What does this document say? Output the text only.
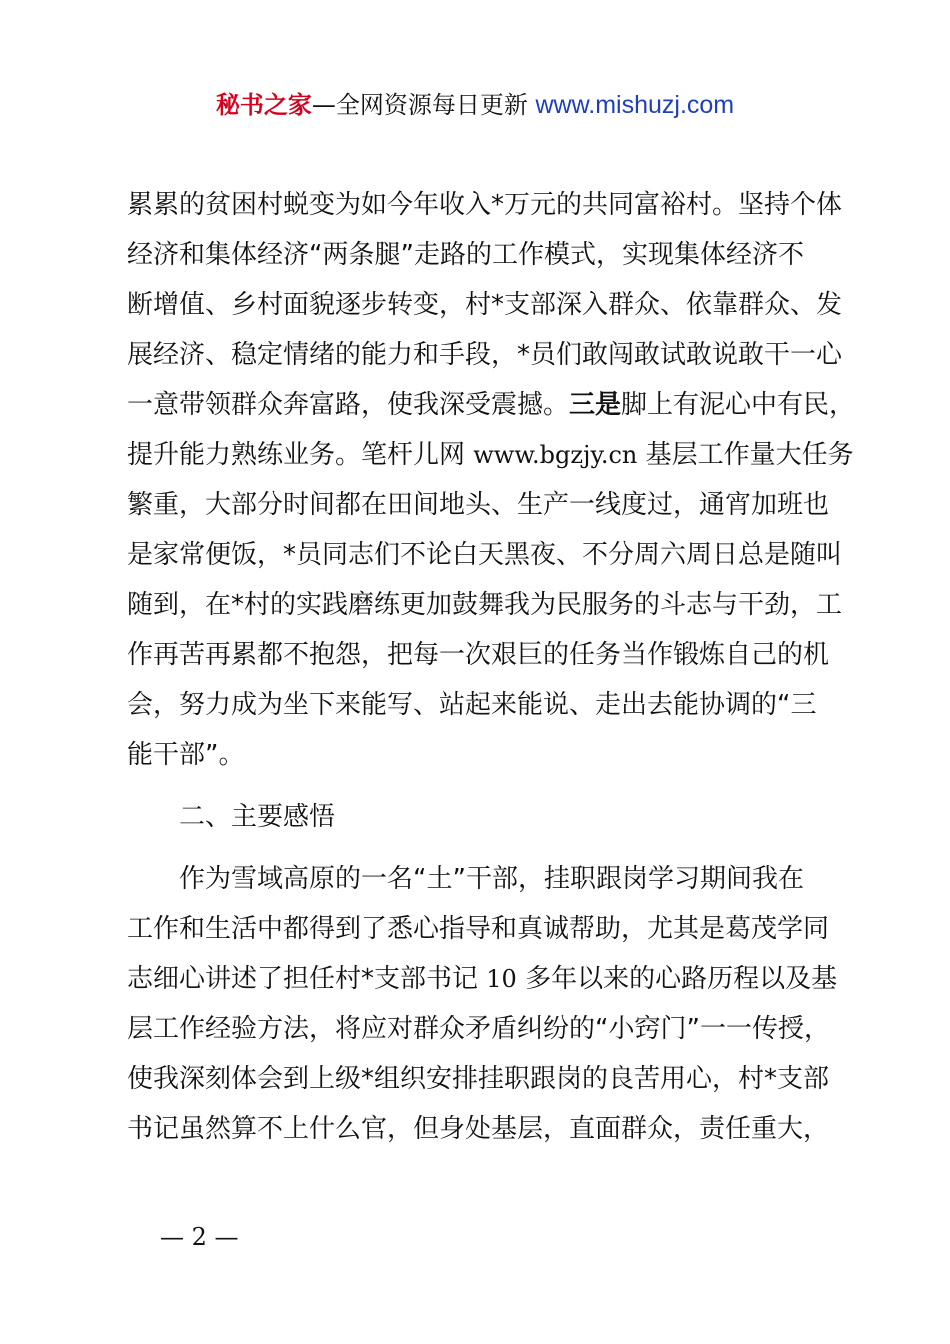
秘书之家—全网资源每日更新 www.mishuzj.com
累累的贫困村蜕变为如今年收入*万元的共同富裕村。坚持个体
经济和集体经济“两条腿”走路的工作模式，实现集体经济不
断增值、乡村面貌逐步转变，村*支部深入群众、依靠群众、发
展经济、稳定情绪的能力和手段，*员们敢闯敢试敢说敢干一心
一意带领群众奔富路，使我深受震撼。三是脚上有泥心中有民，
提升能力熟练业务。笔杆儿网 www.bgzjy.cn 基层工作量大任务
繁重，大部分时间都在田间地头、生产一线度过，通宵加班也
是家常便饭，*员同志们不论白天黑夜、不分周六周日总是随叫
随到，在*村的实践磨练更加鼓舞我为民服务的斗志与干劲，工
作再苦再累都不抱怨，把每一次艰巨的任务当作锻炼自己的机
会，努力成为坐下来能写、站起来能说、走出去能协调的“三
能干部”。
二、主要感悟
作为雪域高原的一名“土”干部，挂职跟岗学习期间我在
工作和生活中都得到了悉心指导和真诚帮助，尤其是葛茂学同
志细心讲述了担任村*支部书记 10 多年以来的心路历程以及基
层工作经验方法，将应对群众矛盾纠纷的“小窍门”一一传授，
使我深刻体会到上级*组织安排挂职跟岗的良苦用心，村*支部
书记虽然算不上什么官，但身处基层，直面群众，责任重大，
— 2 —
